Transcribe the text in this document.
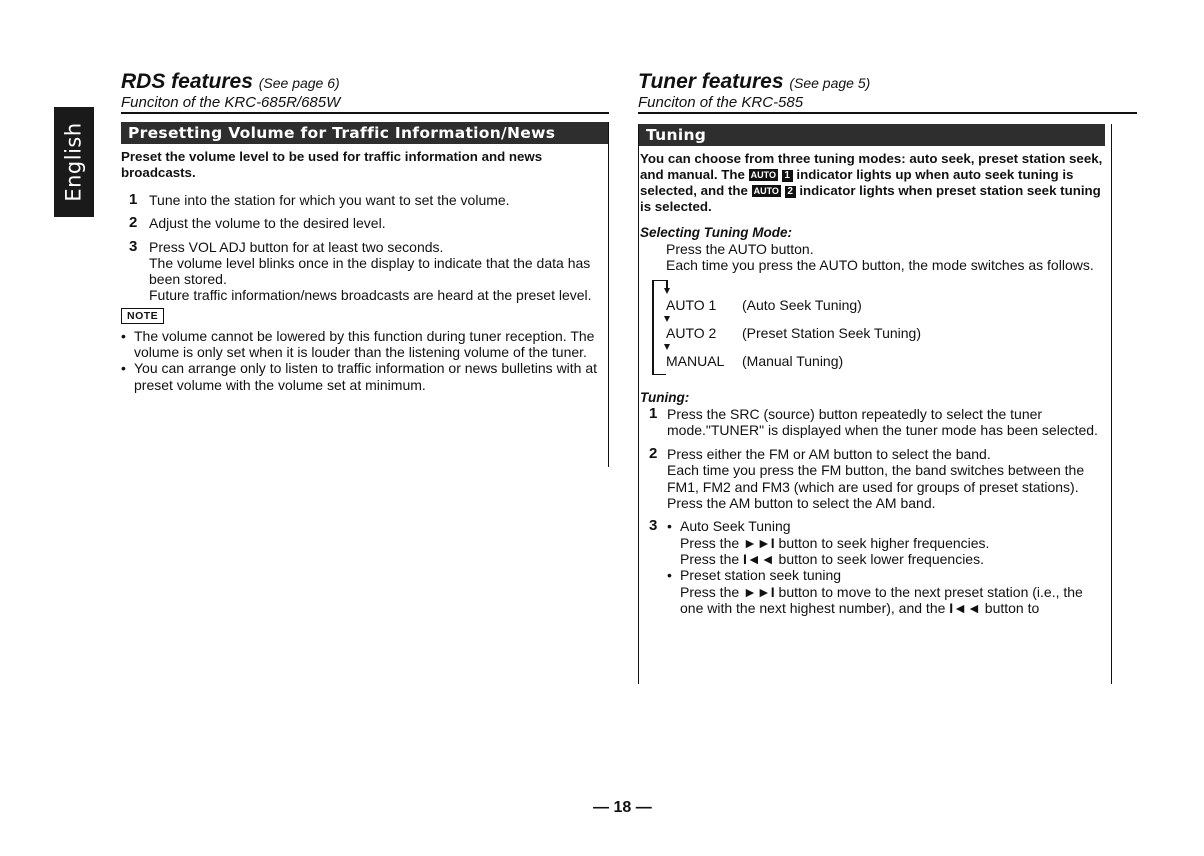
English
RDS features (See page 6)
Funciton of the KRC-685R/685W
Presetting Volume for Traffic Information/News
Preset the volume level to be used for traffic information and news broadcasts.
1 Tune into the station for which you want to set the volume.
2 Adjust the volume to the desired level.
3 Press VOL ADJ button for at least two seconds.
The volume level blinks once in the display to indicate that the data has been stored.
Future traffic information/news broadcasts are heard at the preset level.
NOTE
• The volume cannot be lowered by this function during tuner reception. The volume is only set when it is louder than the listening volume of the tuner.
• You can arrange only to listen to traffic information or news bulletins with at preset volume with the volume set at minimum.
Tuner features (See page 5)
Funciton of the KRC-585
Tuning
You can choose from three tuning modes: auto seek, preset station seek, and manual. The AUTO 1 indicator lights up when auto seek tuning is selected, and the AUTO 2 indicator lights when preset station seek tuning is selected.
Selecting Tuning Mode:
Press the AUTO button.
Each time you press the AUTO button, the mode switches as follows.
AUTO 1 (Auto Seek Tuning)
AUTO 2 (Preset Station Seek Tuning)
MANUAL (Manual Tuning)
Tuning:
1 Press the SRC (source) button repeatedly to select the tuner mode."TUNER" is displayed when the tuner mode has been selected.
2 Press either the FM or AM button to select the band.
Each time you press the FM button, the band switches between the FM1, FM2 and FM3 (which are used for groups of preset stations).
Press the AM button to select the AM band.
3
• Auto Seek Tuning
Press the ►►I button to seek higher frequencies.
Press the I◄◄ button to seek lower frequencies.
• Preset station seek tuning
Press the ►►I button to move to the next preset station (i.e., the one with the next highest number), and the I◄◄ button to
— 18 —
